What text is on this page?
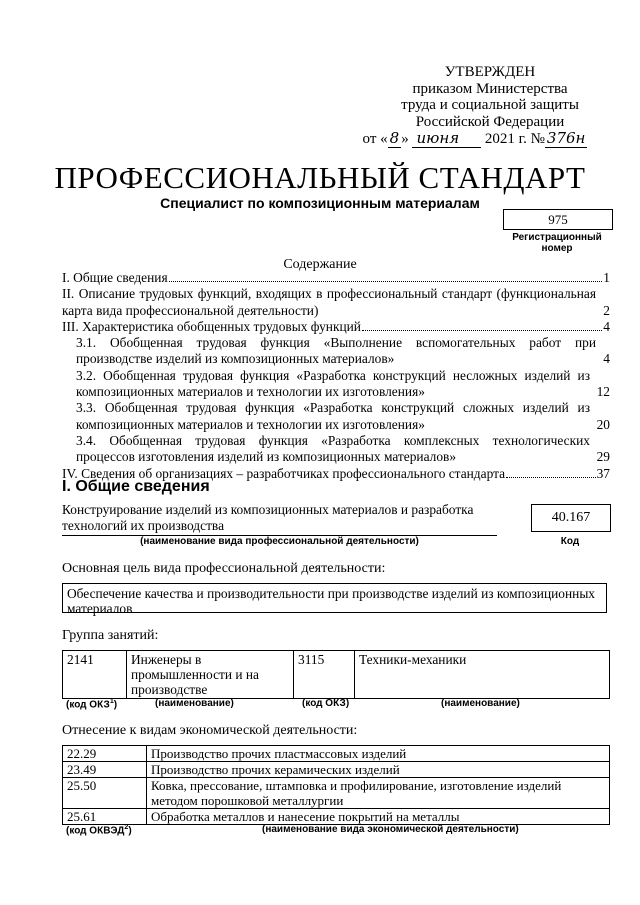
УТВЕРЖДЕН
приказом Министерства
труда и социальной защиты
Российской Федерации
от « 8 » июня 2021 г. № 376н
ПРОФЕССИОНАЛЬНЫЙ СТАНДАРТ
Специалист по композиционным материалам
975
Регистрационный номер
Содержание
I. Общие сведения	1
II. Описание трудовых функций, входящих в профессиональный стандарт (функциональная карта вида профессиональной деятельности)	2
III. Характеристика обобщенных трудовых функций	4
3.1. Обобщенная трудовая функция «Выполнение вспомогательных работ при производстве изделий из композиционных материалов»	4
3.2. Обобщенная трудовая функция «Разработка конструкций несложных изделий из композиционных материалов и технологии их изготовления»	12
3.3. Обобщенная трудовая функция «Разработка конструкций сложных изделий из композиционных материалов и технологии их изготовления»	20
3.4. Обобщенная трудовая функция «Разработка комплексных технологических процессов изготовления изделий из композиционных материалов»	29
IV. Сведения об организациях – разработчиках профессионального стандарта	37
I. Общие сведения
Конструирование изделий из композиционных материалов и разработка технологий их производства
(наименование вида профессиональной деятельности)
40.167
Код
Основная цель вида профессиональной деятельности:
Обеспечение качества и производительности при производстве изделий из композиционных материалов
Группа занятий:
2141	Инженеры в промышленности и на производстве	3115	Техники-механики
(код ОКЗ$^1$)	(наименование)	(код ОКЗ)	(наименование)
Отнесение к видам экономической деятельности:
22.29	Производство прочих пластмассовых изделий
23.49	Производство прочих керамических изделий
25.50	Ковка, прессование, штамповка и профилирование, изготовление изделий методом порошковой металлургии
25.61	Обработка металлов и нанесение покрытий на металлы
(код ОКВЭД$^2$)	(наименование вида экономической деятельности)
